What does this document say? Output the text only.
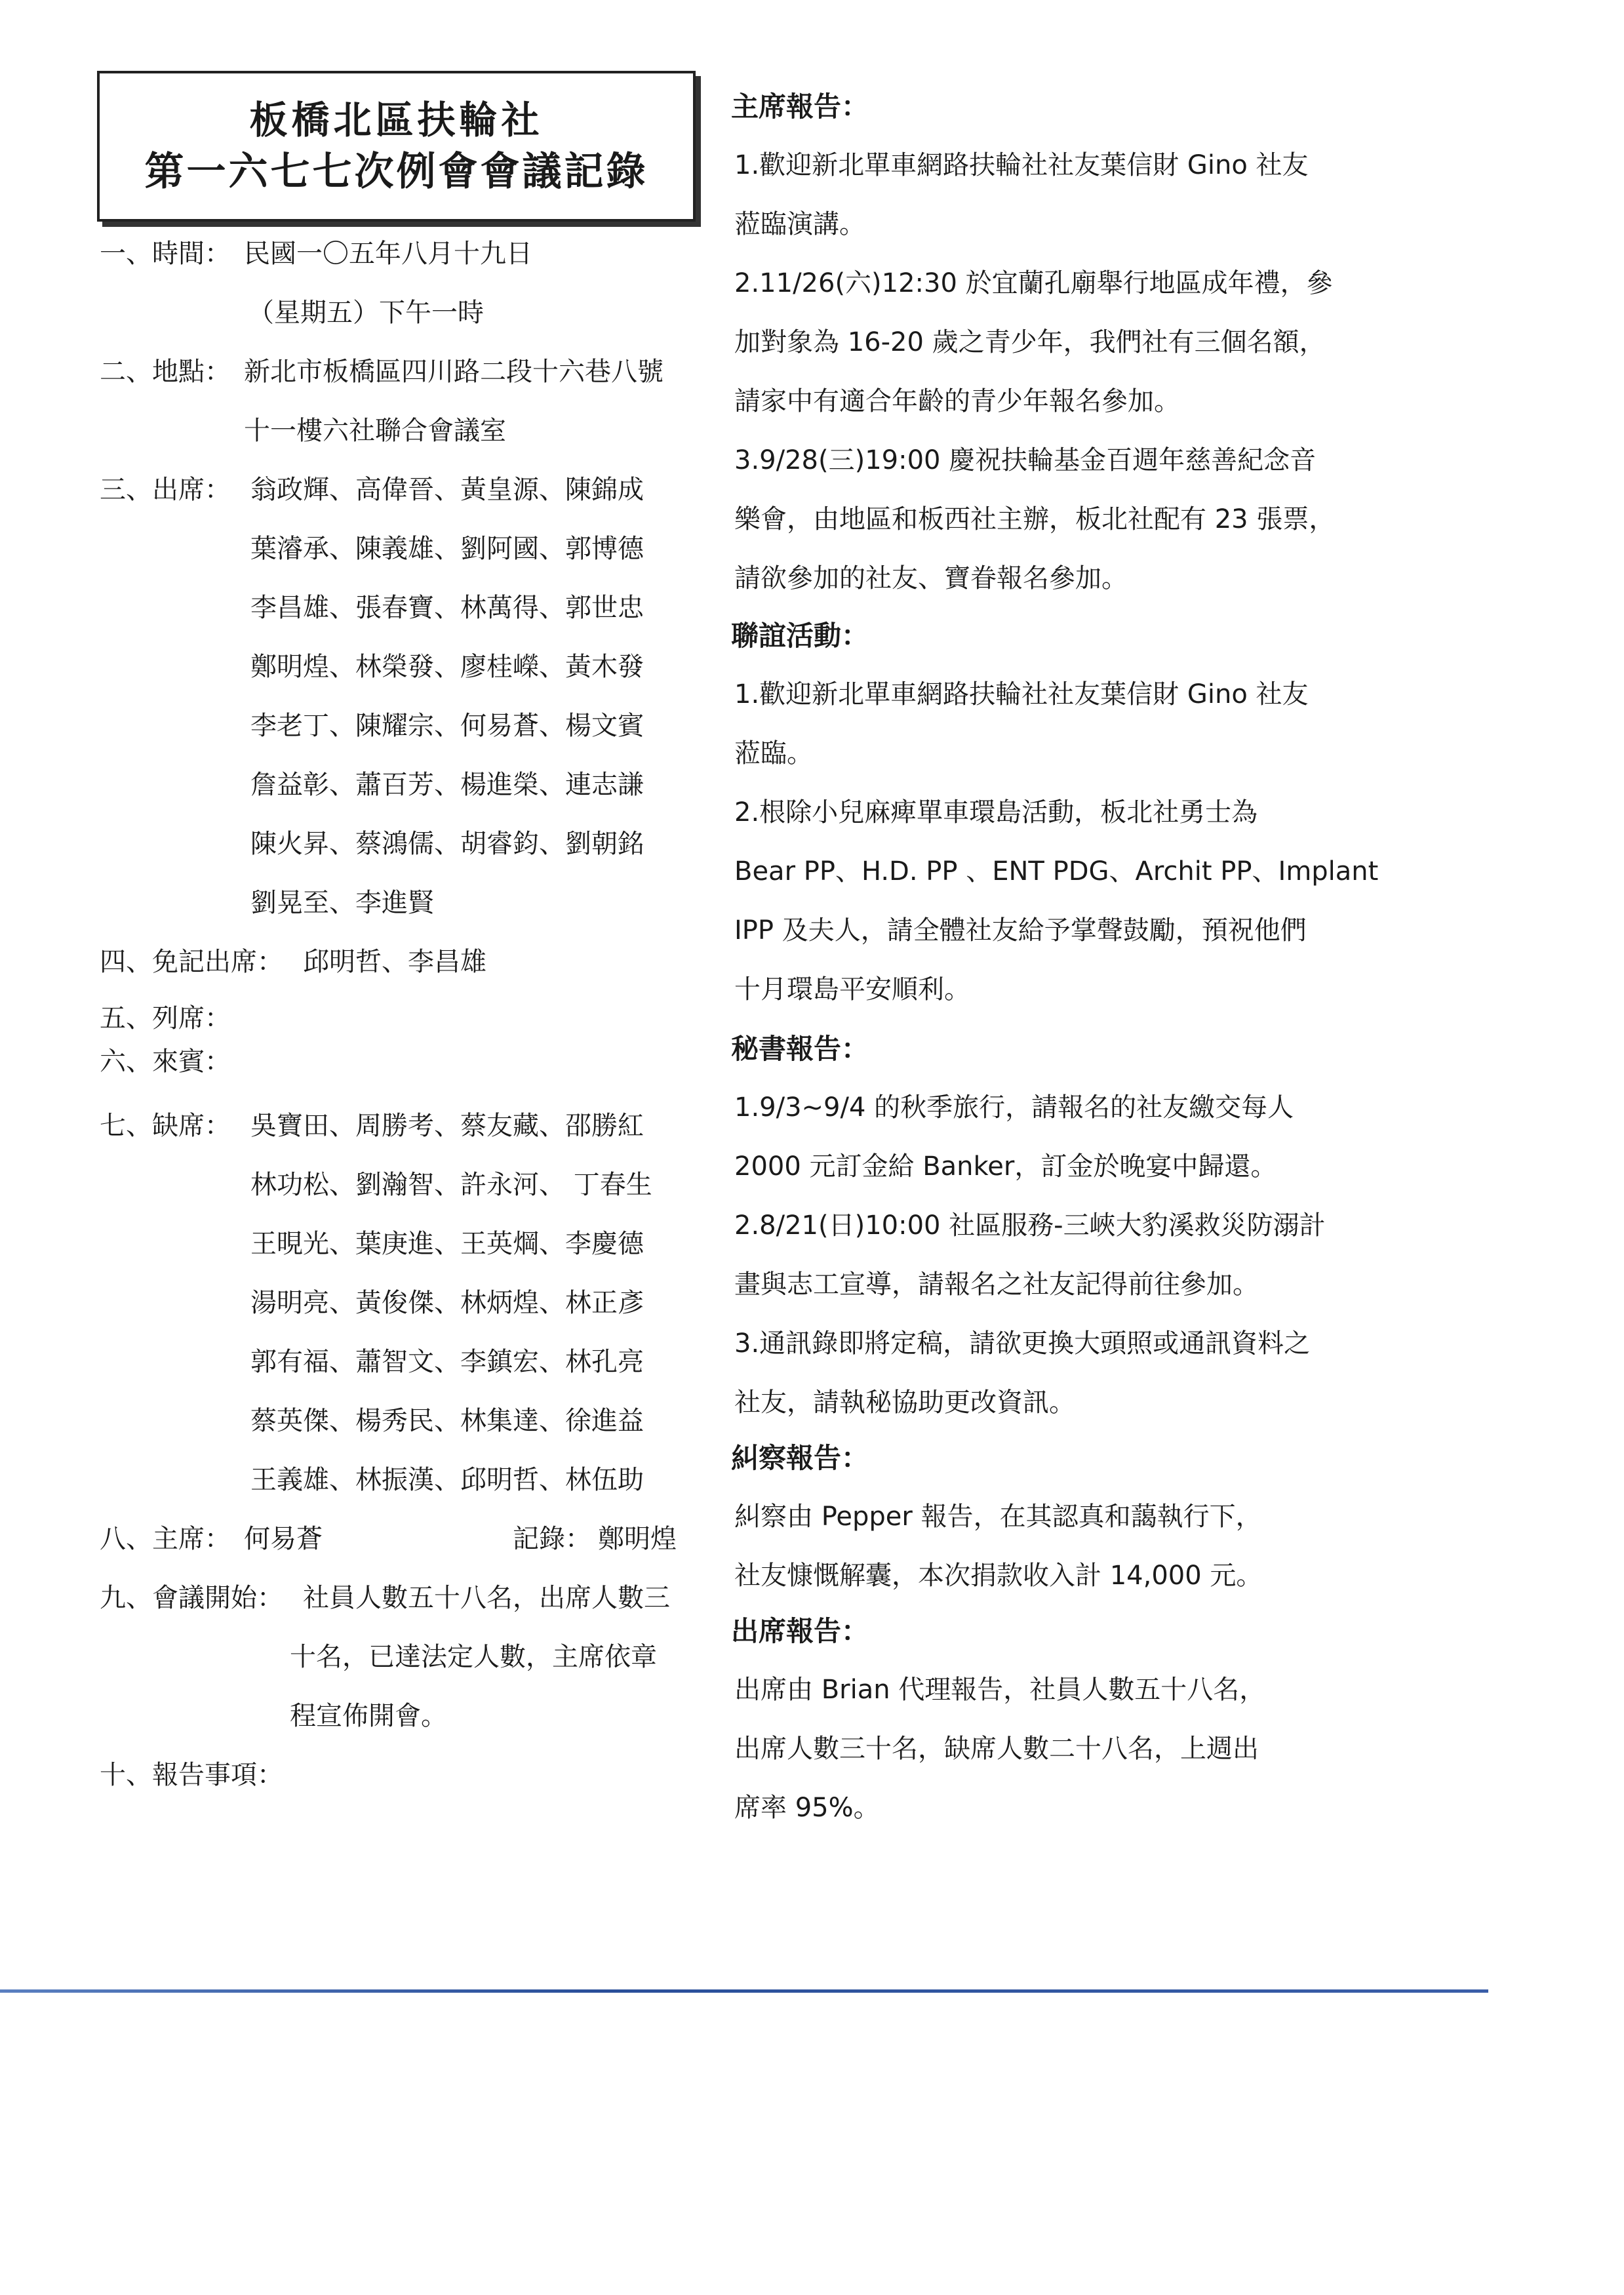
板橋北區扶輪社
第一六七七次例會會議記錄
一、 時間： 民國一〇五年八月十九日
（星期五）下午一時
二、 地點： 新北市板橋區四川路二段十六巷八號
十一樓六社聯合會議室
三、 出席： 翁政輝、高偉晉、黃皇源、陳錦成
葉濬承、陳義雄、劉阿國、郭博德
李昌雄、張春寶、林萬得、郭世忠
鄭明煌、林榮發、廖桂嶸、黃木發
李老丁、陳耀宗、何易蒼、楊文賓
詹益彰、蕭百芳、楊進榮、連志謙
陳火昇、蔡鴻儒、胡睿鈞、劉朝銘
劉晃至、李進賢
四、 免記出席： 邱明哲、李昌雄
五、 列席：
六、 來賓：
七、 缺席： 吳寶田、周勝考、蔡友藏、邵勝紅
林功松、劉瀚智、許永河、 丁春生
王晛光、葉庚進、王英焵、李慶德
湯明亮、黃俊傑、林炳煌、林正彥
郭有福、蕭智文、李鎮宏、林孔亮
蔡英傑、楊秀民、林集達、徐進益
王義雄、林振漢、邱明哲、林伍助
八、 主席： 何易蒼	記錄： 鄭明煌
九、 會議開始： 社員人數五十八名，出席人數三
十名，已達法定人數，主席依章
程宣佈開會。
十、 報告事項：
主席報告：
1.歡迎新北單車網路扶輪社社友葉信財 Gino 社友
蒞臨演講。
2.11/26(六)12:30 於宜蘭孔廟舉行地區成年禮，參
加對象為 16-20 歲之青少年，我們社有三個名額，
請家中有適合年齡的青少年報名參加。
3.9/28(三)19:00 慶祝扶輪基金百週年慈善紀念音
樂會，由地區和板西社主辦，板北社配有 23 張票，
請欲參加的社友、寶眷報名參加。
聯誼活動：
1.歡迎新北單車網路扶輪社社友葉信財 Gino 社友
蒞臨。
2.根除小兒麻痺單車環島活動，板北社勇士為
Bear PP、H.D. PP 、ENT PDG、Archit PP、Implant
IPP 及夫人，請全體社友給予掌聲鼓勵，預祝他們
十月環島平安順利。
秘書報告：
1.9/3~9/4 的秋季旅行，請報名的社友繳交每人
2000 元訂金給 Banker，訂金於晚宴中歸還。
2.8/21(日)10:00 社區服務-三峽大豹溪救災防溺計
畫與志工宣導，請報名之社友記得前往參加。
3.通訊錄即將定稿，請欲更換大頭照或通訊資料之
社友，請執秘協助更改資訊。
糾察報告：
糾察由 Pepper 報告，在其認真和藹執行下，
社友慷慨解囊，本次捐款收入計 14,000 元。
出席報告：
出席由 Brian 代理報告，社員人數五十八名，
出席人數三十名，缺席人數二十八名，上週出
席率 95%。
